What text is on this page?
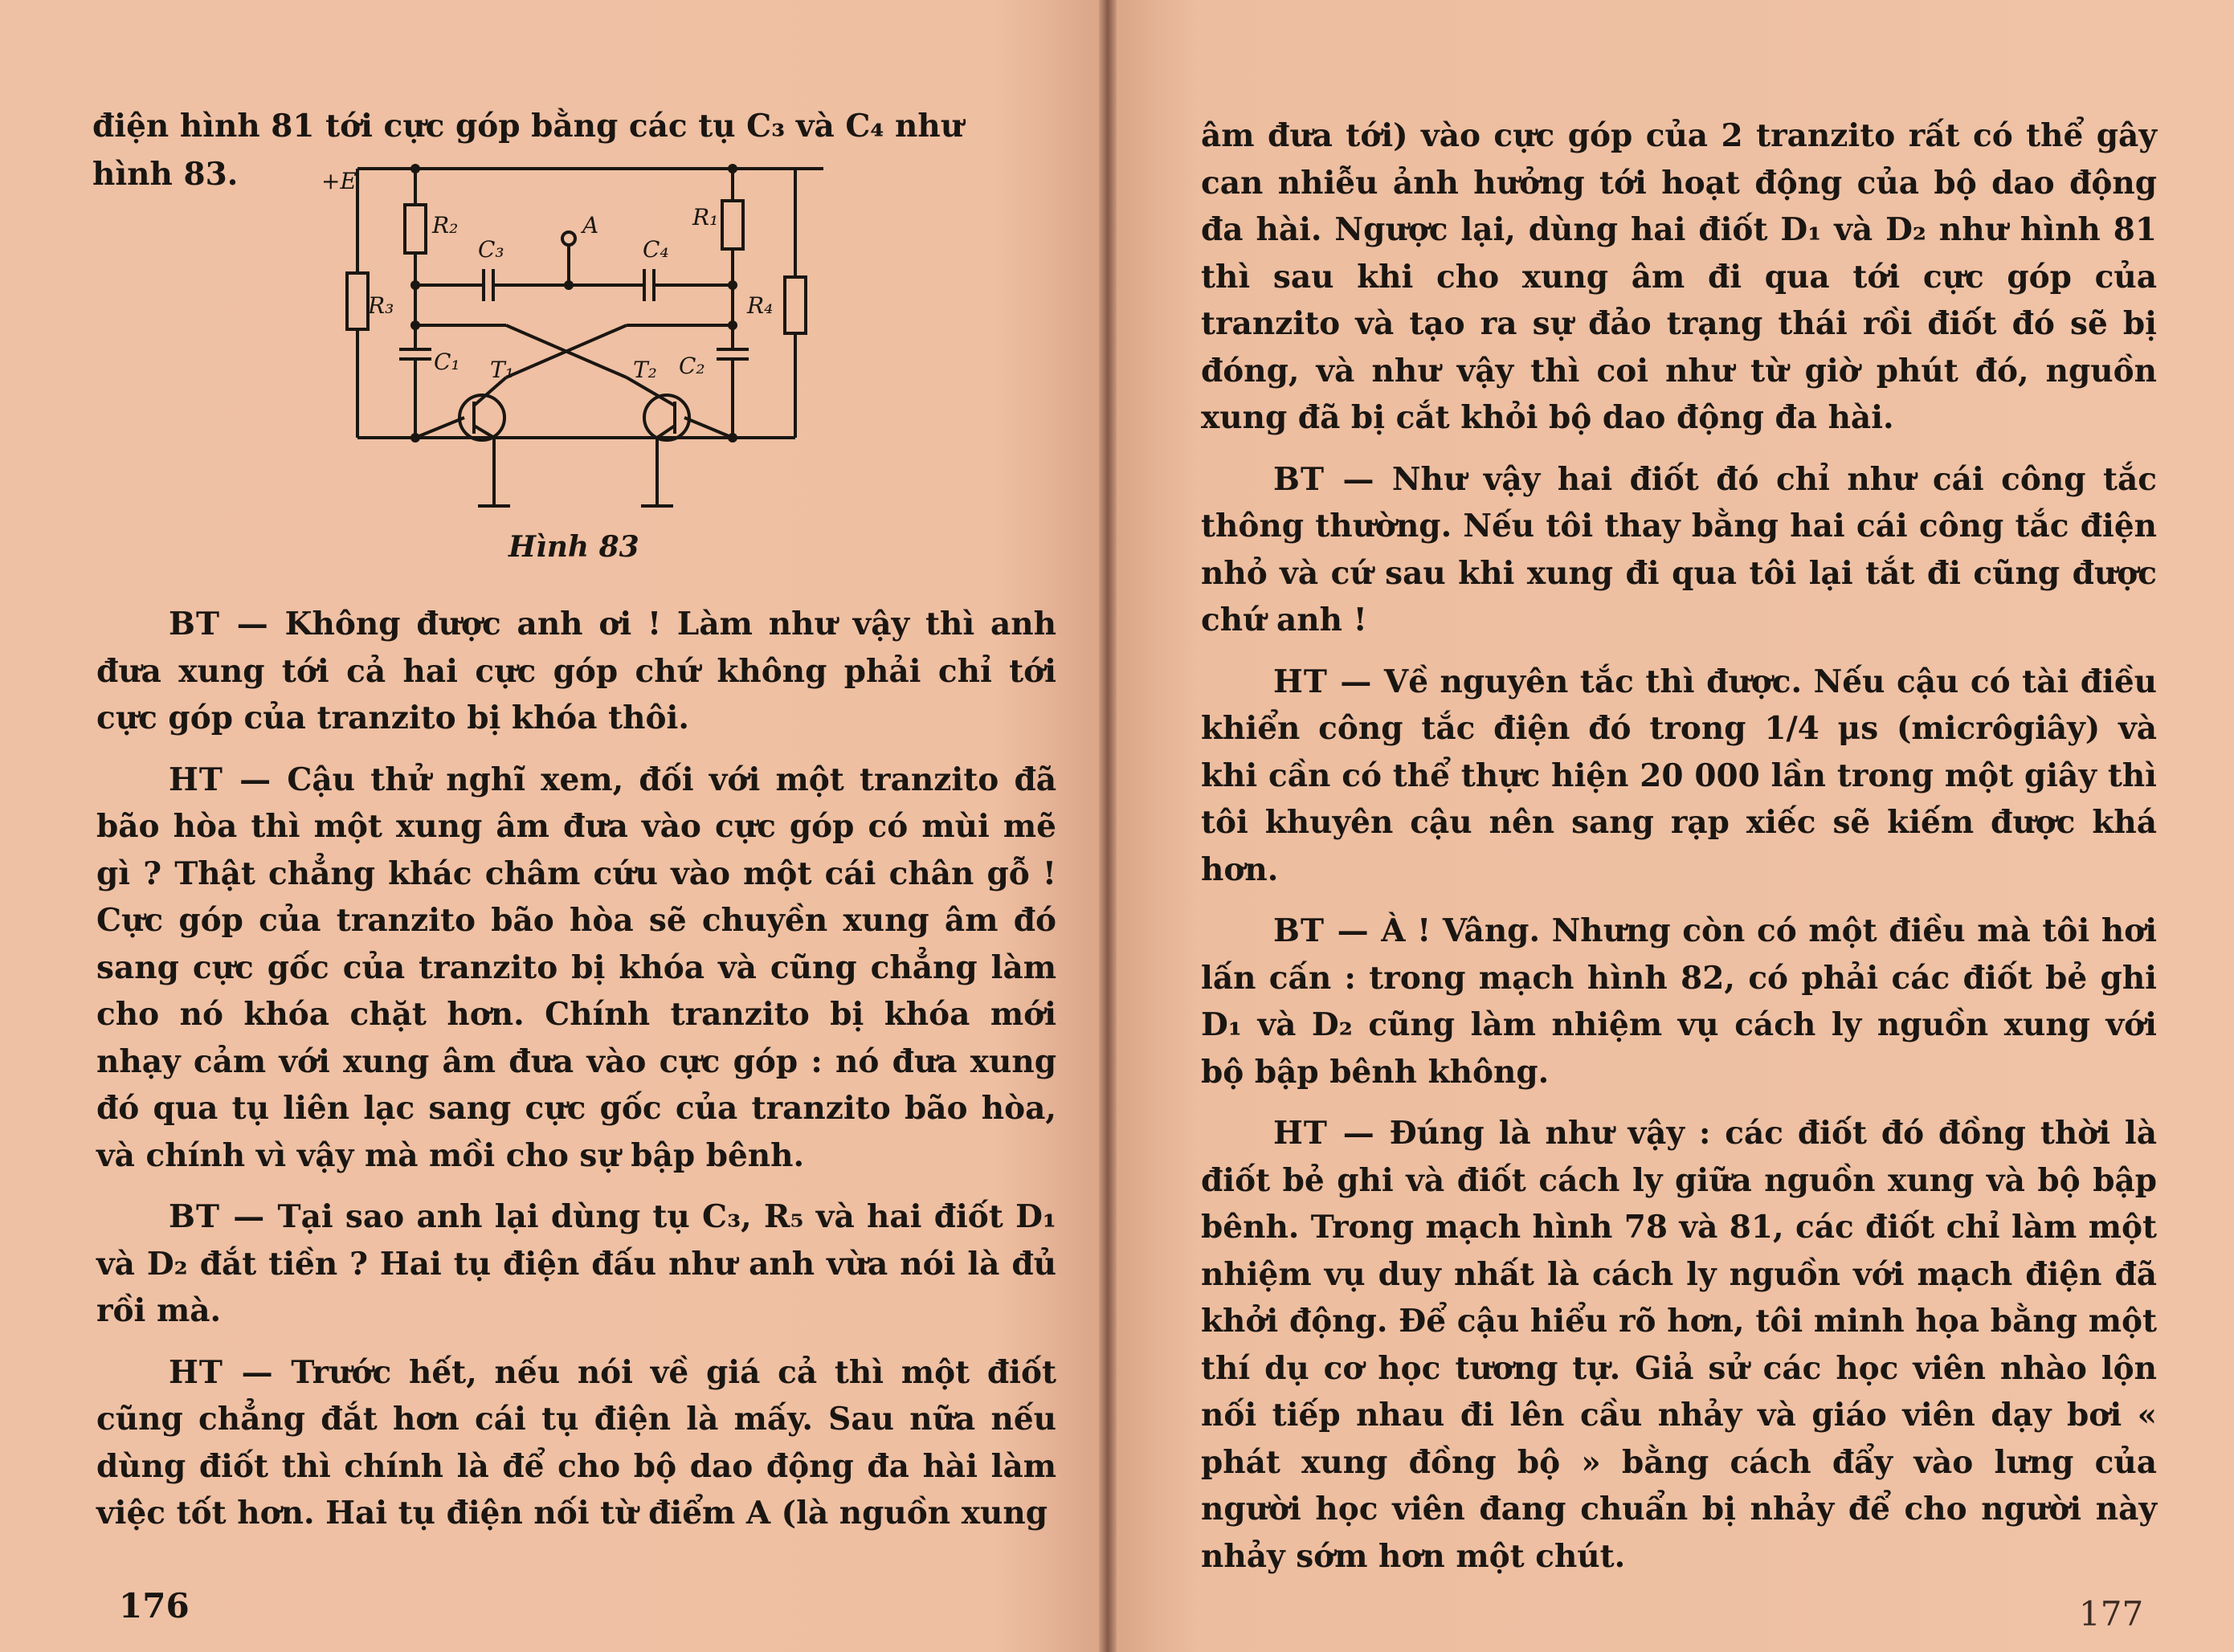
điện hình 81 tới cực góp bằng các tụ C₃ và C₄ như

hình 83.	+E
R₂	R₁
R₃	R₄
C₃	C₄
A
C₁	C₂
T₁	T₂
Hình 83

BT — Không được anh ơi ! Làm như vậy thì anh đưa xung tới cả hai cực góp chứ không phải chỉ tới cực góp của tranzito bị khóa thôi.

HT — Cậu thử nghĩ xem, đối với một tranzito đã bão hòa thì một xung âm đưa vào cực góp có mùi mẽ gì ? Thật chẳng khác châm cứu vào một cái chân gỗ ! Cực góp của tranzito bão hòa sẽ chuyền xung âm đó sang cực gốc của tranzito bị khóa và cũng chẳng làm cho nó khóa chặt hơn. Chính tranzito bị khóa mới nhạy cảm với xung âm đưa vào cực góp : nó đưa xung đó qua tụ liên lạc sang cực gốc của tranzito bão hòa, và chính vì vậy mà mồi cho sự bập bênh.

BT — Tại sao anh lại dùng tụ C₃, R₅ và hai điốt D₁ và D₂ đắt tiền ? Hai tụ điện đấu như anh vừa nói là đủ rồi mà.

HT — Trước hết, nếu nói về giá cả thì một điốt cũng chẳng đắt hơn cái tụ điện là mấy. Sau nữa nếu dùng điốt thì chính là để cho bộ dao động đa hài làm việc tốt hơn. Hai tụ điện nối từ điểm A (là nguồn xung

176

âm đưa tới) vào cực góp của 2 tranzito rất có thể gây can nhiễu ảnh hưởng tới hoạt động của bộ dao động đa hài. Ngược lại, dùng hai điốt D₁ và D₂ như hình 81 thì sau khi cho xung âm đi qua tới cực góp của tranzito và tạo ra sự đảo trạng thái rồi điốt đó sẽ bị đóng, và như vậy thì coi như từ giờ phút đó, nguồn xung đã bị cắt khỏi bộ dao động đa hài.

BT — Như vậy hai điốt đó chỉ như cái công tắc thông thường. Nếu tôi thay bằng hai cái công tắc điện nhỏ và cứ sau khi xung đi qua tôi lại tắt đi cũng được chứ anh !

HT — Về nguyên tắc thì được. Nếu cậu có tài điều khiển công tắc điện đó trong 1/4 μs (micrôgiây) và khi cần có thể thực hiện 20 000 lần trong một giây thì tôi khuyên cậu nên sang rạp xiếc sẽ kiếm được khá hơn.

BT — À ! Vâng. Nhưng còn có một điều mà tôi hơi lấn cấn : trong mạch hình 82, có phải các điốt bẻ ghi D₁ và D₂ cũng làm nhiệm vụ cách ly nguồn xung với bộ bập bênh không.

HT — Đúng là như vậy : các điốt đó đồng thời là điốt bẻ ghi và điốt cách ly giữa nguồn xung và bộ bập bênh. Trong mạch hình 78 và 81, các điốt chỉ làm một nhiệm vụ duy nhất là cách ly nguồn với mạch điện đã khởi động. Để cậu hiểu rõ hơn, tôi minh họa bằng một thí dụ cơ học tương tự. Giả sử các học viên nhào lộn nối tiếp nhau đi lên cầu nhảy và giáo viên dạy bơi « phát xung đồng bộ » bằng cách đẩy vào lưng của người học viên đang chuẩn bị nhảy để cho người này nhảy sớm hơn một chút.

177
